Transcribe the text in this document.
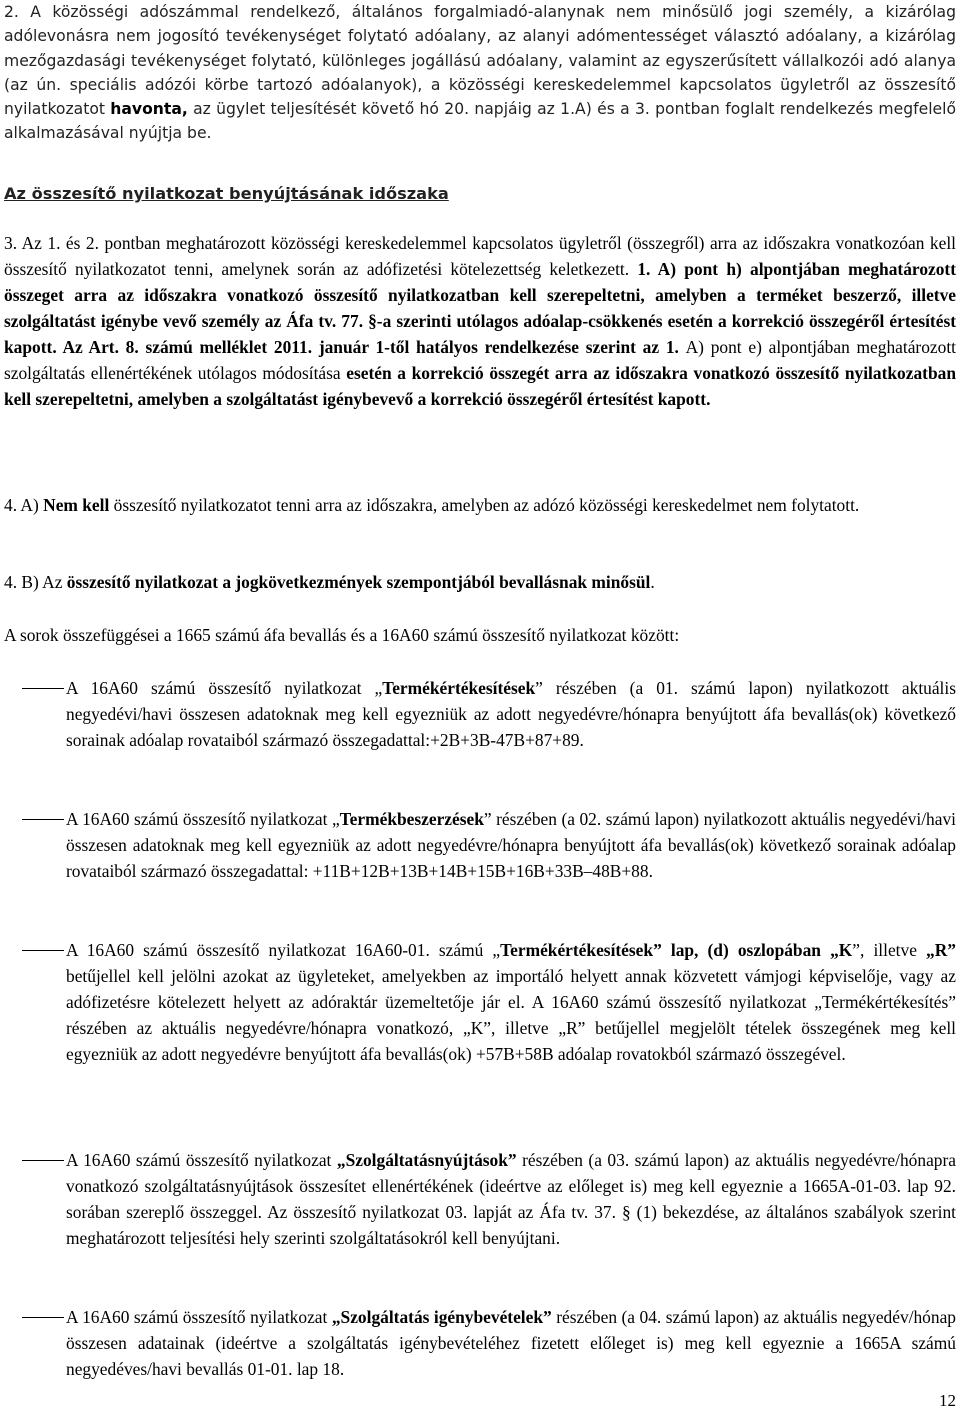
2. A közösségi adószámmal rendelkező, általános forgalmiadó-alanynak nem minősülő jogi személy, a kizárólag adólevonásra nem jogosító tevékenységet folytató adóalany, az alanyi adómentességet választó adóalany, a kizárólag mezőgazdasági tevékenységet folytató, különleges jogállású adóalany, valamint az egyszerűsített vállalkozói adó alanya (az ún. speciális adózói körbe tartozó adóalanyok), a közösségi kereskedelemmel kapcsolatos ügyletről az összesítő nyilatkozatot havonta, az ügylet teljesítését követő hó 20. napjáig az 1.A) és a 3. pontban foglalt rendelkezés megfelelő alkalmazásával nyújtja be.

Az összesítő nyilatkozat benyújtásának időszaka

3. Az 1. és 2. pontban meghatározott közösségi kereskedelemmel kapcsolatos ügyletről (összegről) arra az időszakra vonatkozóan kell összesítő nyilatkozatot tenni, amelynek során az adófizetési kötelezettség keletkezett. 1. A) pont h) alpontjában meghatározott összeget arra az időszakra vonatkozó összesítő nyilatkozatban kell szerepeltetni, amelyben a terméket beszerző, illetve szolgáltatást igénybe vevő személy az Áfa tv. 77. §-a szerinti utólagos adóalap-csökkenés esetén a korrekció összegéről értesítést kapott. Az Art. 8. számú melléklet 2011. január 1-től hatályos rendelkezése szerint az 1. A) pont e) alpontjában meghatározott szolgáltatás ellenértékének utólagos módosítása esetén a korrekció összegét arra az időszakra vonatkozó összesítő nyilatkozatban kell szerepeltetni, amelyben a szolgáltatást igénybevevő a korrekció összegéről értesítést kapott.

4. A) Nem kell összesítő nyilatkozatot tenni arra az időszakra, amelyben az adózó közösségi kereskedelmet nem folytatott.

4. B) Az összesítő nyilatkozat a jogkövetkezmények szempontjából bevallásnak minősül.

A sorok összefüggései a 1665 számú áfa bevallás és a 16A60 számú összesítő nyilatkozat között:

A 16A60 számú összesítő nyilatkozat „Termékértékesítések” részében (a 01. számú lapon) nyilatkozott aktuális negyedévi/havi összesen adatoknak meg kell egyezniük az adott negyedévre/hónapra benyújtott áfa bevallás(ok) következő sorainak adóalap rovataiból származó összegadattal:+2B+3B-47B+87+89.
A 16A60 számú összesítő nyilatkozat „Termékbeszerzések” részében (a 02. számú lapon) nyilatkozott aktuális negyedévi/havi összesen adatoknak meg kell egyezniük az adott negyedévre/hónapra benyújtott áfa bevallás(ok) következő sorainak adóalap rovataiból származó összegadattal: +11B+12B+13B+14B+15B+16B+33B–48B+88.
A 16A60 számú összesítő nyilatkozat 16A60-01. számú „Termékértékesítések” lap, (d) oszlopában „K”, illetve „R” betűjellel kell jelölni azokat az ügyleteket, amelyekben az importáló helyett annak közvetett vámjogi képviselője, vagy az adófizetésre kötelezett helyett az adóraktár üzemeltetője jár el. A 16A60 számú összesítő nyilatkozat „Termékértékesítés” részében az aktuális negyedévre/hónapra vonatkozó, „K”, illetve „R” betűjellel megjelölt tételek összegének meg kell egyezniük az adott negyedévre benyújtott áfa bevallás(ok) +57B+58B adóalap rovatokból származó összegével.
A 16A60 számú összesítő nyilatkozat „Szolgáltatásnyújtások” részében (a 03. számú lapon) az aktuális negyedévre/hónapra vonatkozó szolgáltatásnyújtások összesítet ellenértékének (ideértve az előleget is) meg kell egyeznie a 1665A-01-03. lap 92. sorában szereplő összeggel. Az összesítő nyilatkozat 03. lapját az Áfa tv. 37. § (1) bekezdése, az általános szabályok szerint meghatározott teljesítési hely szerinti szolgáltatásokról kell benyújtani.
A 16A60 számú összesítő nyilatkozat „Szolgáltatás igénybevételek” részében (a 04. számú lapon) az aktuális negyedév/hónap összesen adatainak (ideértve a szolgáltatás igénybevételéhez fizetett előleget is) meg kell egyeznie a 1665A számú negyedéves/havi bevallás 01-01. lap 18.
12
